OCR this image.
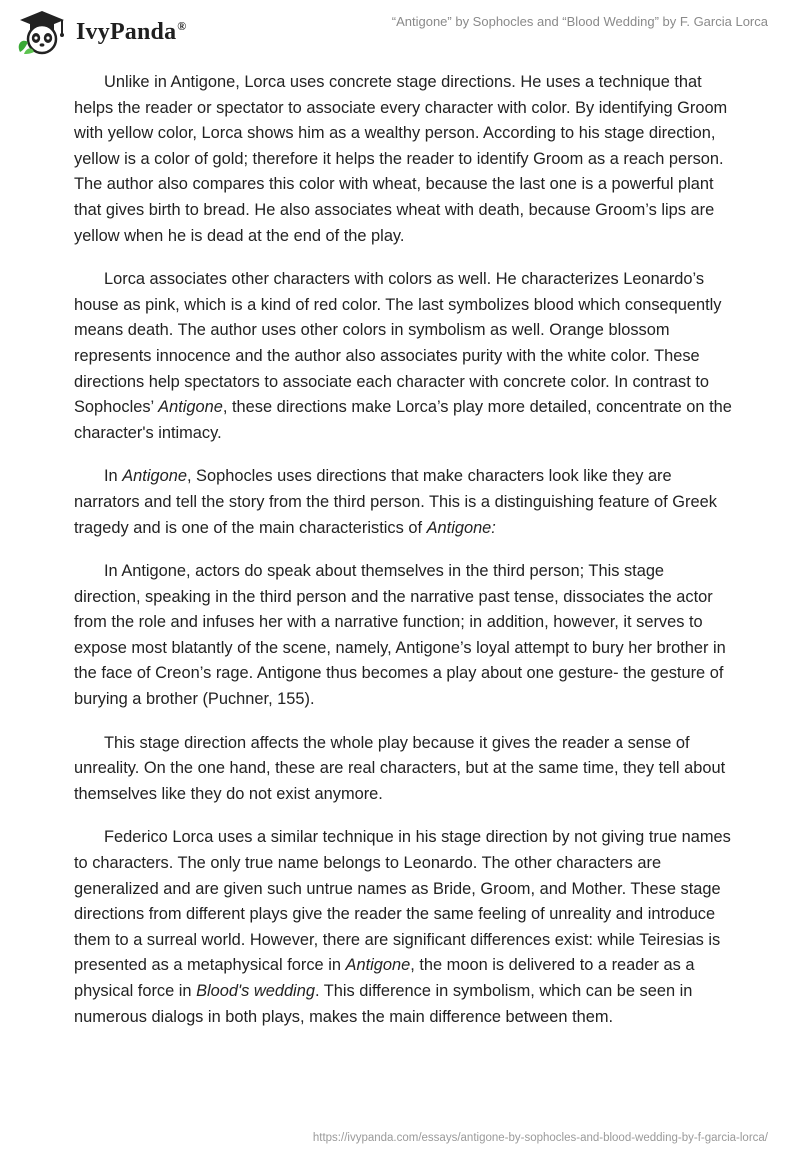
IvyPanda®	“Antigone” by Sophocles and “Blood Wedding” by F. Garcia Lorca

Unlike in Antigone, Lorca uses concrete stage directions. He uses a technique that helps the reader or spectator to associate every character with color. By identifying Groom with yellow color, Lorca shows him as a wealthy person. According to his stage direction, yellow is a color of gold; therefore it helps the reader to identify Groom as a reach person. The author also compares this color with wheat, because the last one is a powerful plant that gives birth to bread. He also associates wheat with death, because Groom’s lips are yellow when he is dead at the end of the play.

Lorca associates other characters with colors as well. He characterizes Leonardo’s house as pink, which is a kind of red color. The last symbolizes blood which consequently means death. The author uses other colors in symbolism as well. Orange blossom represents innocence and the author also associates purity with the white color. These directions help spectators to associate each character with concrete color. In contrast to Sophocles’ Antigone, these directions make Lorca’s play more detailed, concentrate on the character's intimacy.

In Antigone, Sophocles uses directions that make characters look like they are narrators and tell the story from the third person. This is a distinguishing feature of Greek tragedy and is one of the main characteristics of Antigone:

In Antigone, actors do speak about themselves in the third person; This stage direction, speaking in the third person and the narrative past tense, dissociates the actor from the role and infuses her with a narrative function; in addition, however, it serves to expose most blatantly of the scene, namely, Antigone’s loyal attempt to bury her brother in the face of Creon’s rage. Antigone thus becomes a play about one gesture- the gesture of burying a brother (Puchner, 155).

This stage direction affects the whole play because it gives the reader a sense of unreality. On the one hand, these are real characters, but at the same time, they tell about themselves like they do not exist anymore.

Federico Lorca uses a similar technique in his stage direction by not giving true names to characters. The only true name belongs to Leonardo. The other characters are generalized and are given such untrue names as Bride, Groom, and Mother. These stage directions from different plays give the reader the same feeling of unreality and introduce them to a surreal world. However, there are significant differences exist: while Teiresias is presented as a metaphysical force in Antigone, the moon is delivered to a reader as a physical force in Blood's wedding. This difference in symbolism, which can be seen in numerous dialogs in both plays, makes the main difference between them.

https://ivypanda.com/essays/antigone-by-sophocles-and-blood-wedding-by-f-garcia-lorca/
